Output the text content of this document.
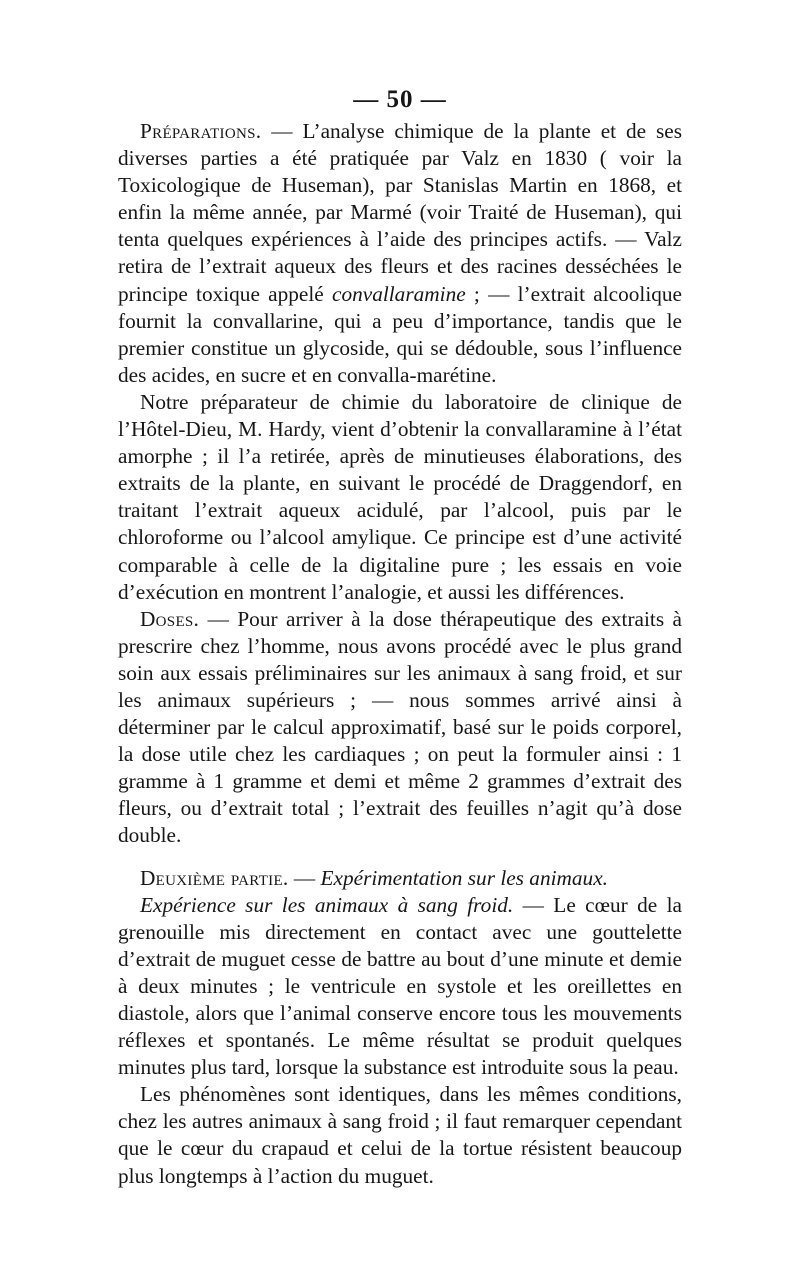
— 50 —

Préparations. — L’analyse chimique de la plante et de ses diverses parties a été pratiquée par Valz en 1830 ( voir la Toxicologique de Huseman), par Stanislas Martin en 1868, et enfin la même année, par Marmé (voir Traité de Huseman), qui tenta quelques expériences à l’aide des principes actifs. — Valz retira de l’extrait aqueux des fleurs et des racines desséchées le principe toxique appelé convallaramine ; — l’extrait alcoolique fournit la convallarine, qui a peu d’importance, tandis que le premier constitue un glycoside, qui se dédouble, sous l’influence des acides, en sucre et en convalla-marétine.

Notre préparateur de chimie du laboratoire de clinique de l’Hôtel-Dieu, M. Hardy, vient d’obtenir la convallaramine à l’état amorphe ; il l’a retirée, après de minutieuses élaborations, des extraits de la plante, en suivant le procédé de Draggendorf, en traitant l’extrait aqueux acidulé, par l’alcool, puis par le chloroforme ou l’alcool amylique. Ce principe est d’une activité comparable à celle de la digitaline pure ; les essais en voie d’exécution en montrent l’analogie, et aussi les différences.

Doses. — Pour arriver à la dose thérapeutique des extraits à prescrire chez l’homme, nous avons procédé avec le plus grand soin aux essais préliminaires sur les animaux à sang froid, et sur les animaux supérieurs ; — nous sommes arrivé ainsi à déterminer par le calcul approximatif, basé sur le poids corporel, la dose utile chez les cardiaques ; on peut la formuler ainsi : 1 gramme à 1 gramme et demi et même 2 grammes d’extrait des fleurs, ou d’extrait total ; l’extrait des feuilles n’agit qu’à dose double.

Deuxième partie. — Expérimentation sur les animaux.

Expérience sur les animaux à sang froid. — Le cœur de la grenouille mis directement en contact avec une gouttelette d’extrait de muguet cesse de battre au bout d’une minute et demie à deux minutes ; le ventricule en systole et les oreillettes en diastole, alors que l’animal conserve encore tous les mouvements réflexes et spontanés. Le même résultat se produit quelques minutes plus tard, lorsque la substance est introduite sous la peau.

Les phénomènes sont identiques, dans les mêmes conditions, chez les autres animaux à sang froid ; il faut remarquer cependant que le cœur du crapaud et celui de la tortue résistent beaucoup plus longtemps à l’action du muguet.
